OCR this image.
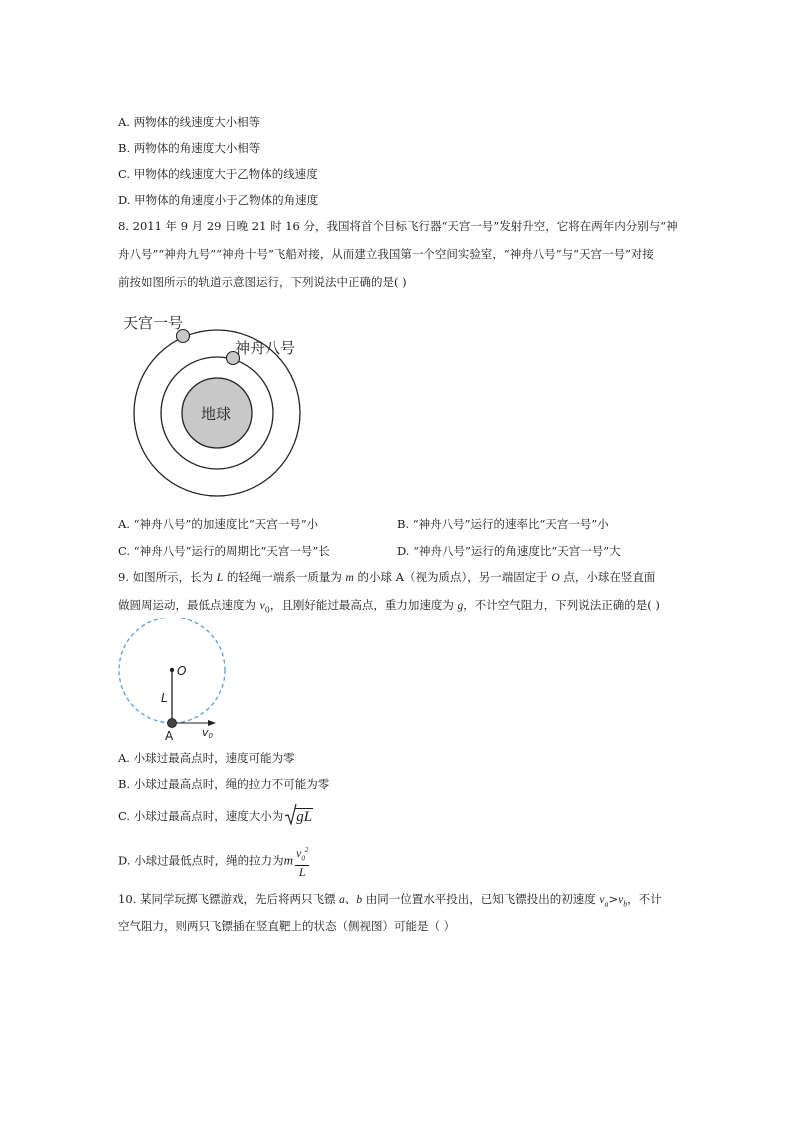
A. 两物体的线速度大小相等
B. 两物体的角速度大小相等
C. 甲物体的线速度大于乙物体的线速度
D. 甲物体的角速度小于乙物体的角速度
8. 2011 年 9 月 29 日晚 21 时 16 分，我国将首个目标飞行器“天宫一号”发射升空，它将在两年内分别与“神
舟八号”“神舟九号”“神舟十号”飞船对接，从而建立我国第一个空间实验室，“神舟八号”与“天宫一号”对接
前按如图所示的轨道示意图运行，下列说法中正确的是( )
天宫一号
神舟八号
地球
A. “神舟八号”的加速度比“天宫一号”小	B. “神舟八号”运行的速率比“天宫一号”小
C. “神舟八号”运行的周期比“天宫一号”长	D. “神舟八号”运行的角速度比“天宫一号”大
9. 如图所示，长为 L 的轻绳一端系一质量为 m 的小球 A（视为质点），另一端固定于 O 点，小球在竖直面
做圆周运动，最低点速度为 $v_0$，且刚好能过最高点，重力加速度为 g，不计空气阻力，下列说法正确的是( )
O
L
A	v0
A. 小球过最高点时，速度可能为零
B. 小球过最高点时，绳的拉力不可能为零
C. 小球过最高点时，速度大小为 gL
D. 小球过最低点时，绳的拉力为m $\frac{v_0^2}{L}$
10. 某同学玩掷飞镖游戏，先后将两只飞镖 a、b 由同一位置水平投出，已知飞镖投出的初速度 $v_a>v_b$，不计
空气阻力，则两只飞镖插在竖直靶上的状态（侧视图）可能是（ ）
